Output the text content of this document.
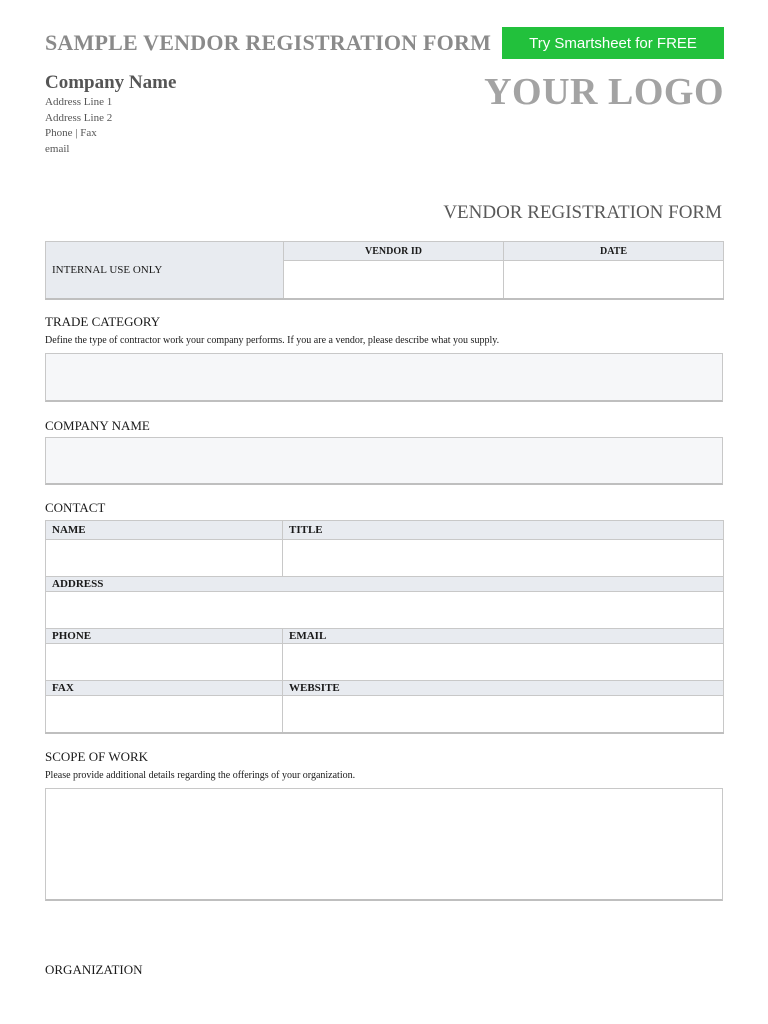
SAMPLE VENDOR REGISTRATION FORM	Try Smartsheet for FREE
Company Name
Address Line 1
Address Line 2
Phone | Fax
email
YOUR LOGO
VENDOR REGISTRATION FORM
INTERNAL USE ONLY	VENDOR ID	DATE

TRADE CATEGORY
Define the type of contractor work your company performs. If you are a vendor, please describe what you supply.
COMPANY NAME
CONTACT
NAME	TITLE

ADDRESS	

PHONE	EMAIL

FAX	WEBSITE

SCOPE OF WORK
Please provide additional details regarding the offerings of your organization.
ORGANIZATION
